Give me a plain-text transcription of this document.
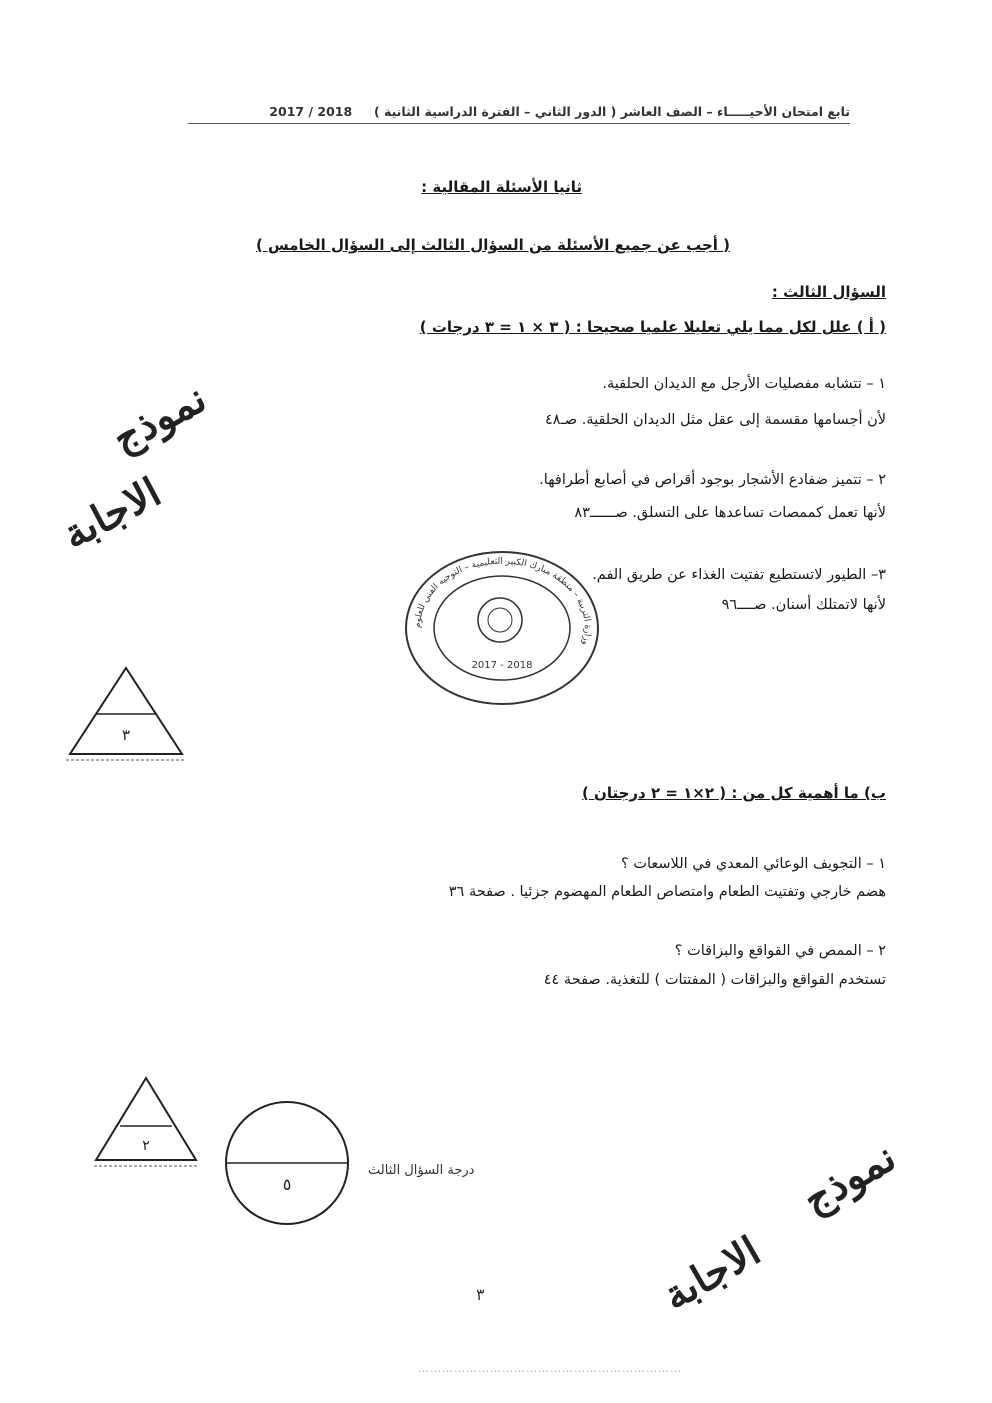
تابع امتحان الأحيـــــاء – الصف العاشر ( الدور الثاني – الفترة الدراسية الثانية )     2018 / 2017
ثانيا الأسئلة المقالية :
( أجب عن جميع الأسئلة من السؤال الثالث إلى السؤال الخامس )
السؤال الثالث :
( أ ) علل لكل مما يلي تعليلا علميا صحيحا : ( ٣ × ١ = ٣ درجات )
١ – تتشابه مفصليات الأرجل مع الديدان الحلقية.
لأن أجسامها مقسمة إلى عقل مثل الديدان الحلقية. صـ٤٨
٢ – تتميز ضفادع الأشجار بوجود أقراص في أصابع أطرافها.
لأنها تعمل كممصات تساعدها على التسلق. صــــــ٨٣
٣– الطيور لاتستطيع تفتيت الغذاء عن طريق الفم.
لأنها لاتمتلك أسنان. صــــ٩٦
وزارة التربية – منطقة مبارك الكبير التعليمية – التوجيه الفني للعلوم
2017 - 2018
نموذج
الاجابة
٣
ب) ما أهمية كل من : ( ٢×١ = ٢ درجتان )
١ – التجويف الوعائي المعدي في اللاسعات ؟
هضم خارجي وتفتيت الطعام وامتصاص الطعام المهضوم جزئيا . صفحة ٣٦
٢ – الممص في القواقع والبزاقات ؟
تستخدم القواقع والبزاقات ( المفتتات ) للتغذية. صفحة ٤٤
٢
٥
درجة السؤال الثالث	نموذج
الاجابة
٣
…………………………………………………………
